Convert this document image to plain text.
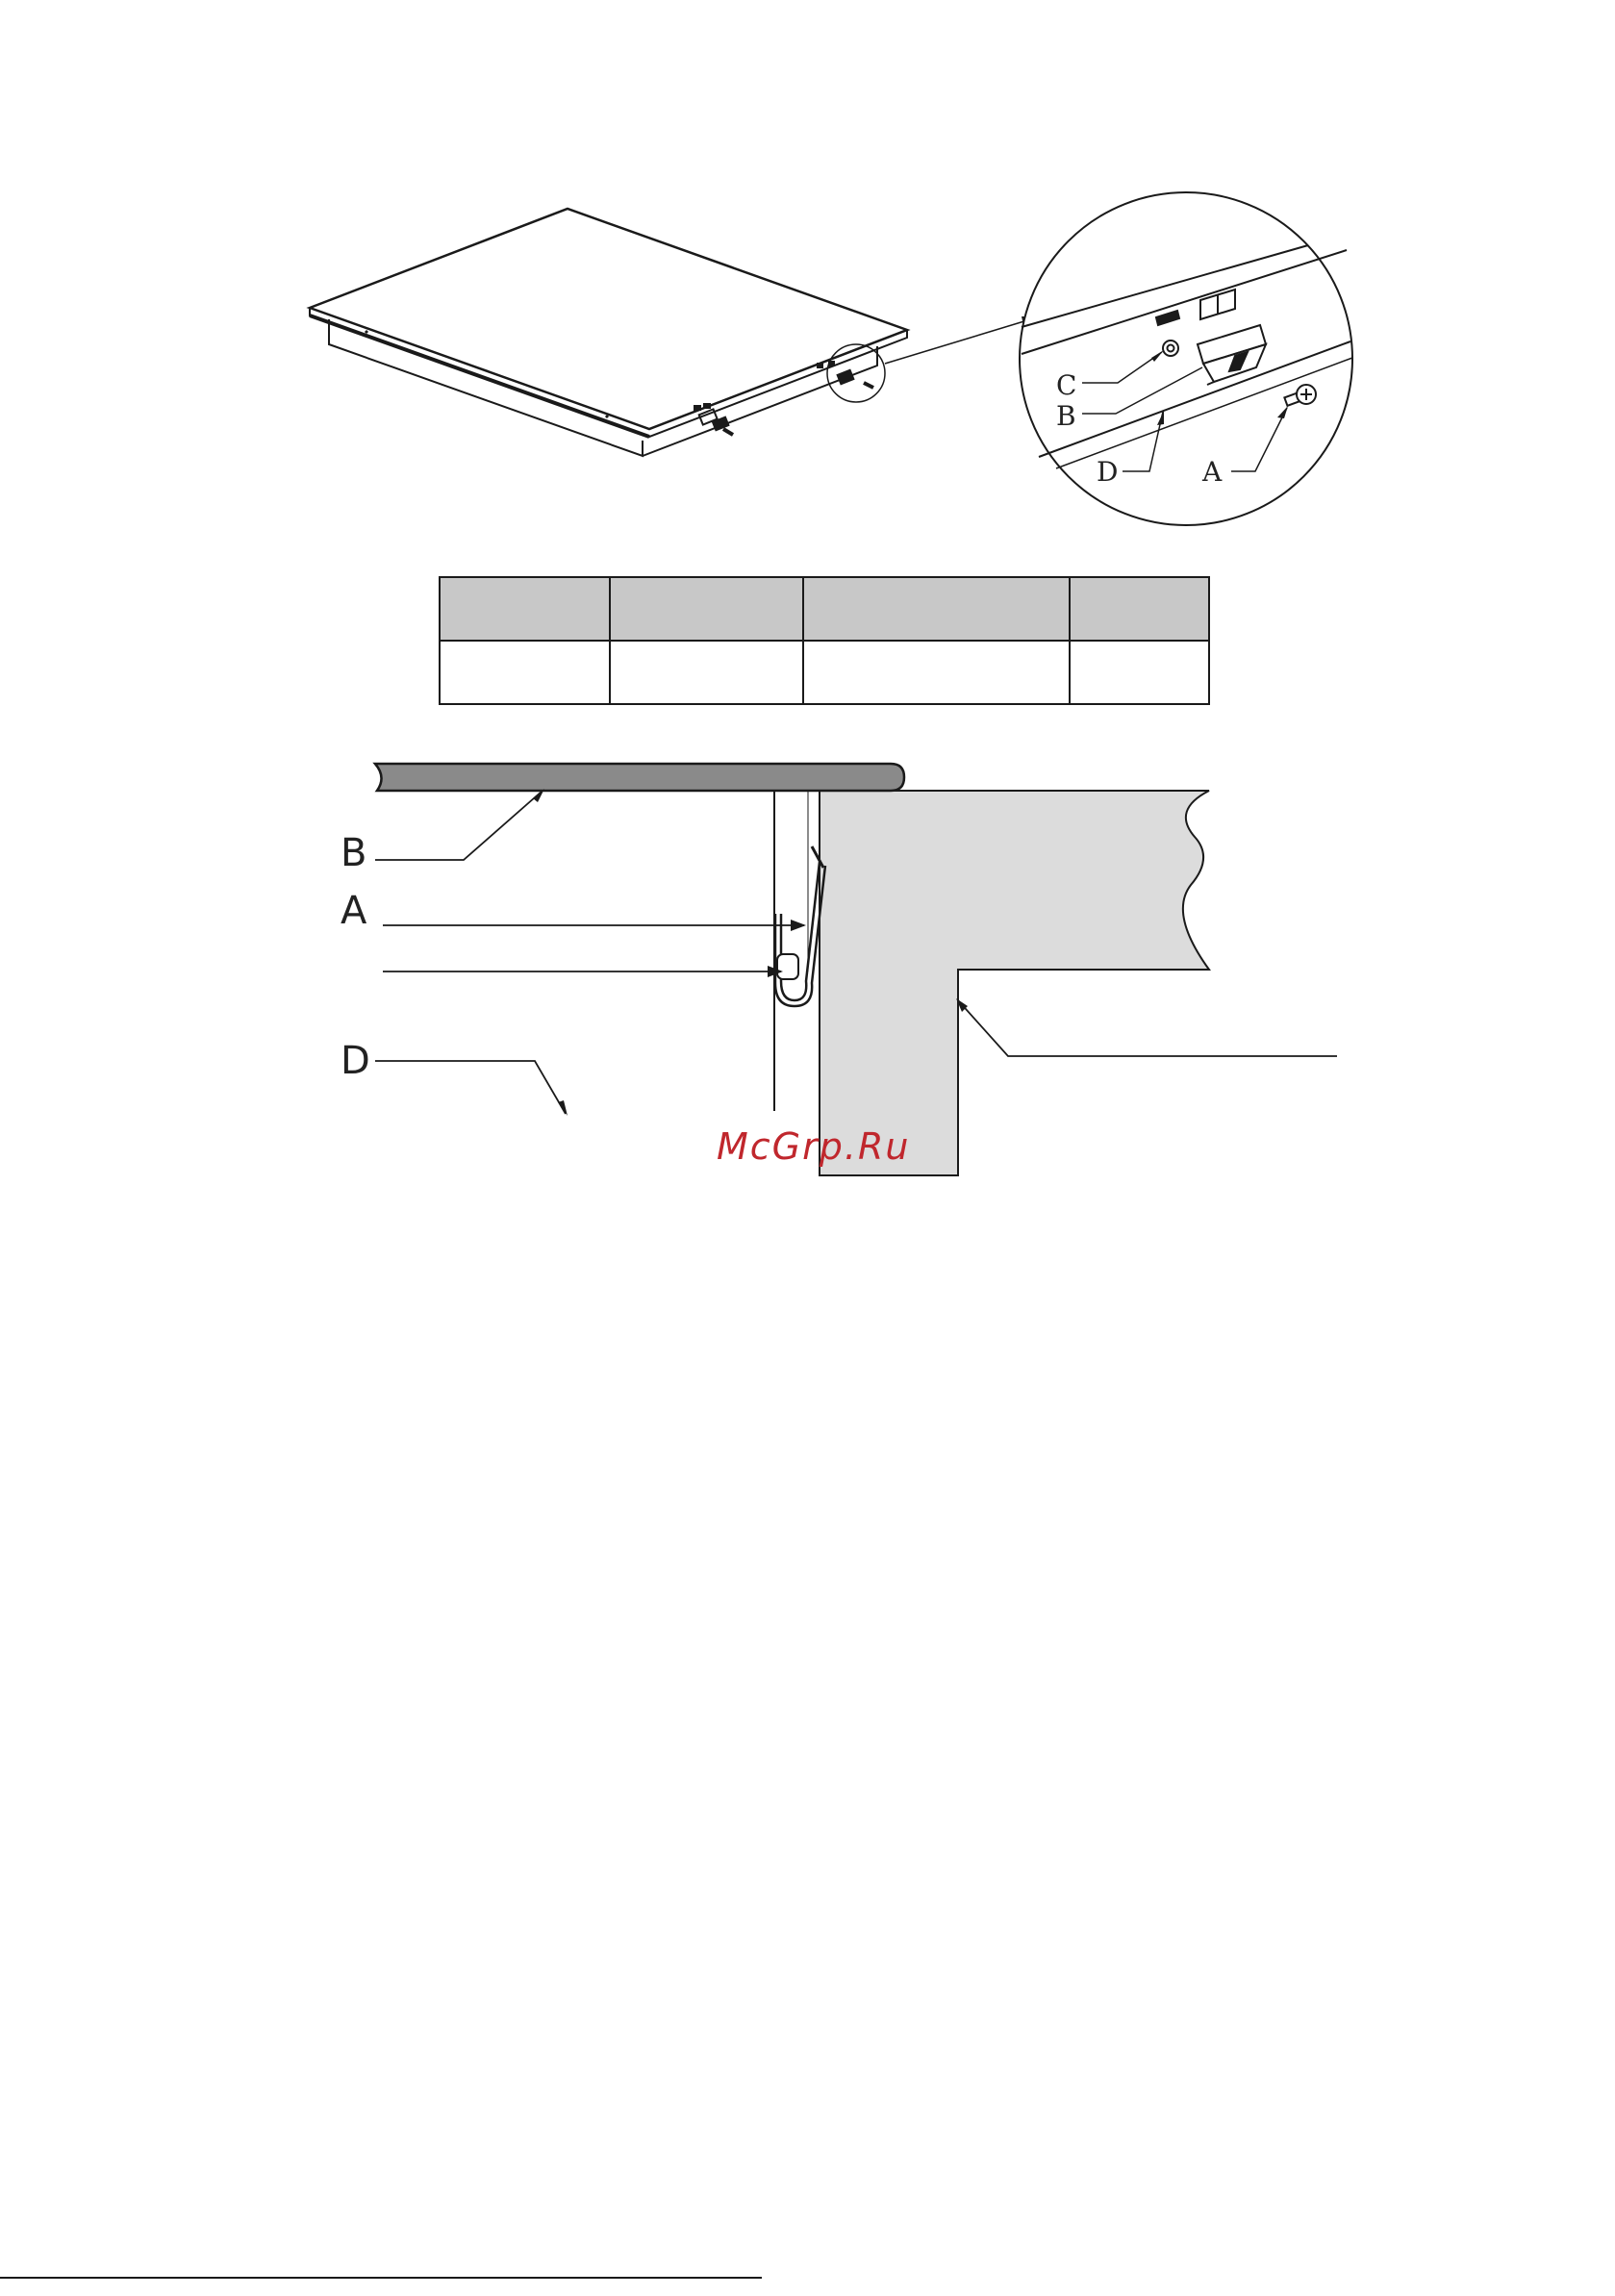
C
B
D	A
B
A
D
McGrp.Ru
